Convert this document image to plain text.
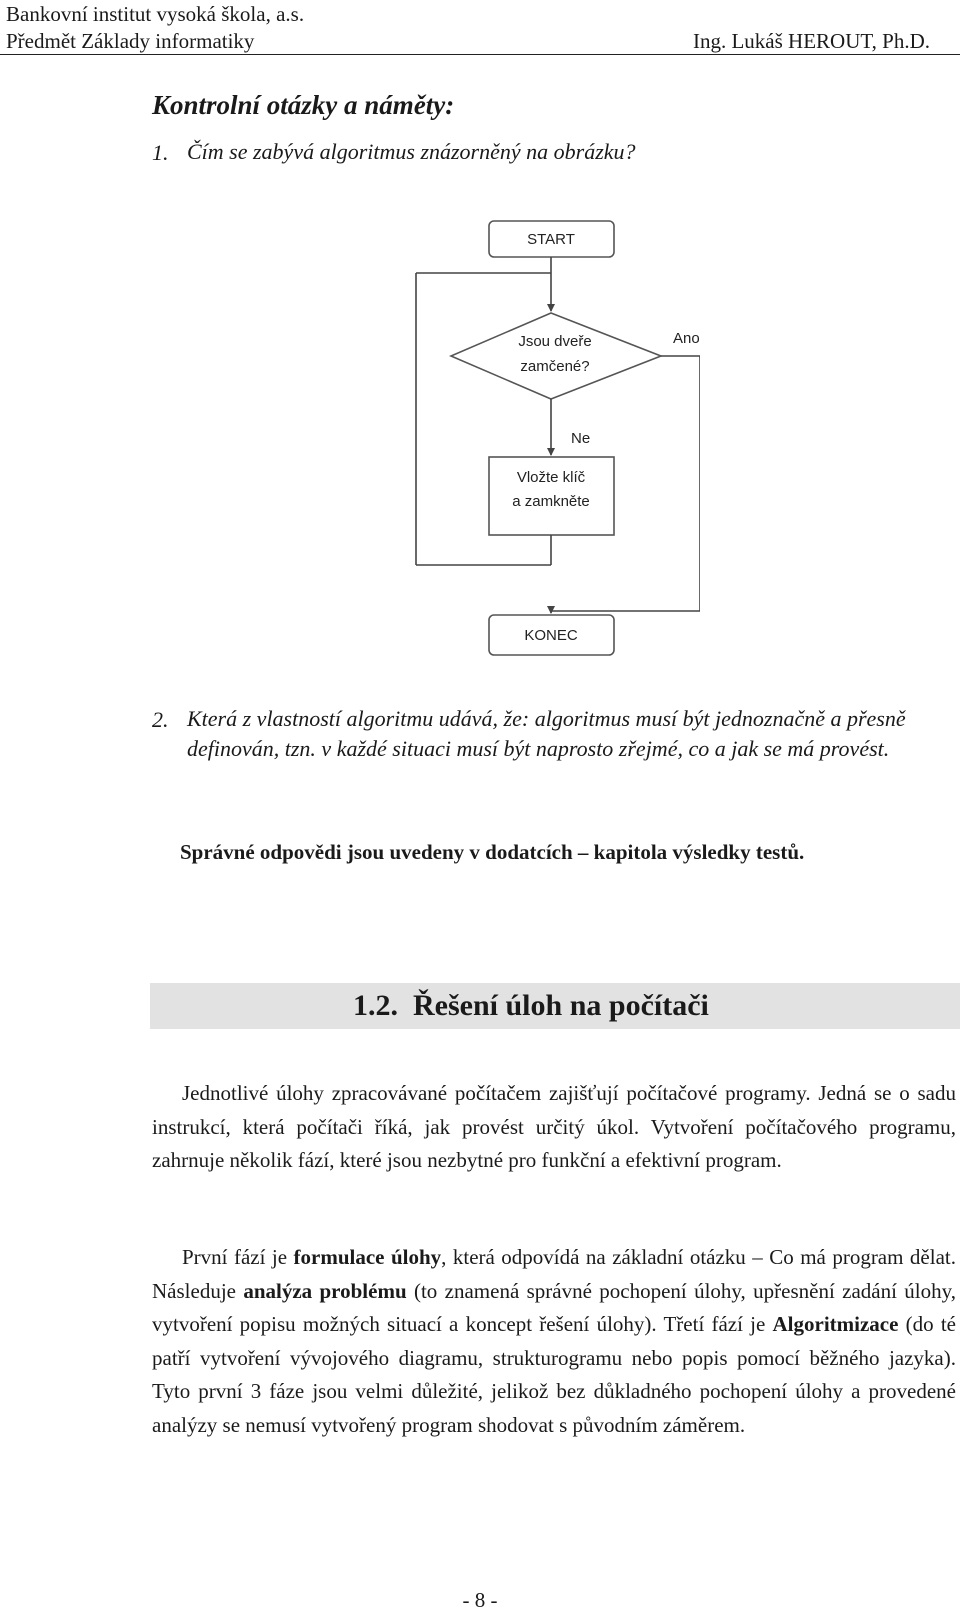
Bankovní institut vysoká škola, a.s.
Předmět Základy informatiky	Ing. Lukáš HEROUT, Ph.D.
Kontrolní otázky a náměty:
1. Čím se zabývá algoritmus znázorněný na obrázku?
START
Jsou dveře
zamčené?
Ano
Ne
Vložte klíč
a zamkněte
KONEC
2. Která z vlastností algoritmu udává, že: algoritmus musí být jednoznačně a přesně definován, tzn. v každé situaci musí být naprosto zřejmé, co a jak se má provést.
Správné odpovědi jsou uvedeny v dodatcích – kapitola výsledky testů.
1.2. Řešení úloh na počítači
Jednotlivé úlohy zpracovávané počítačem zajišťují počítačové programy. Jedná se o sadu instrukcí, která počítači říká, jak provést určitý úkol. Vytvoření počítačového programu, zahrnuje několik fází, které jsou nezbytné pro funkční a efektivní program.
První fází je formulace úlohy, která odpovídá na základní otázku – Co má program dělat. Následuje analýza problému (to znamená správné pochopení úlohy, upřesnění zadání úlohy, vytvoření popisu možných situací a koncept řešení úlohy). Třetí fází je Algoritmizace (do té patří vytvoření vývojového diagramu, strukturogramu nebo popis pomocí běžného jazyka). Tyto první 3 fáze jsou velmi důležité, jelikož bez důkladného pochopení úlohy a provedené analýzy se nemusí vytvořený program shodovat s původním záměrem.
- 8 -
